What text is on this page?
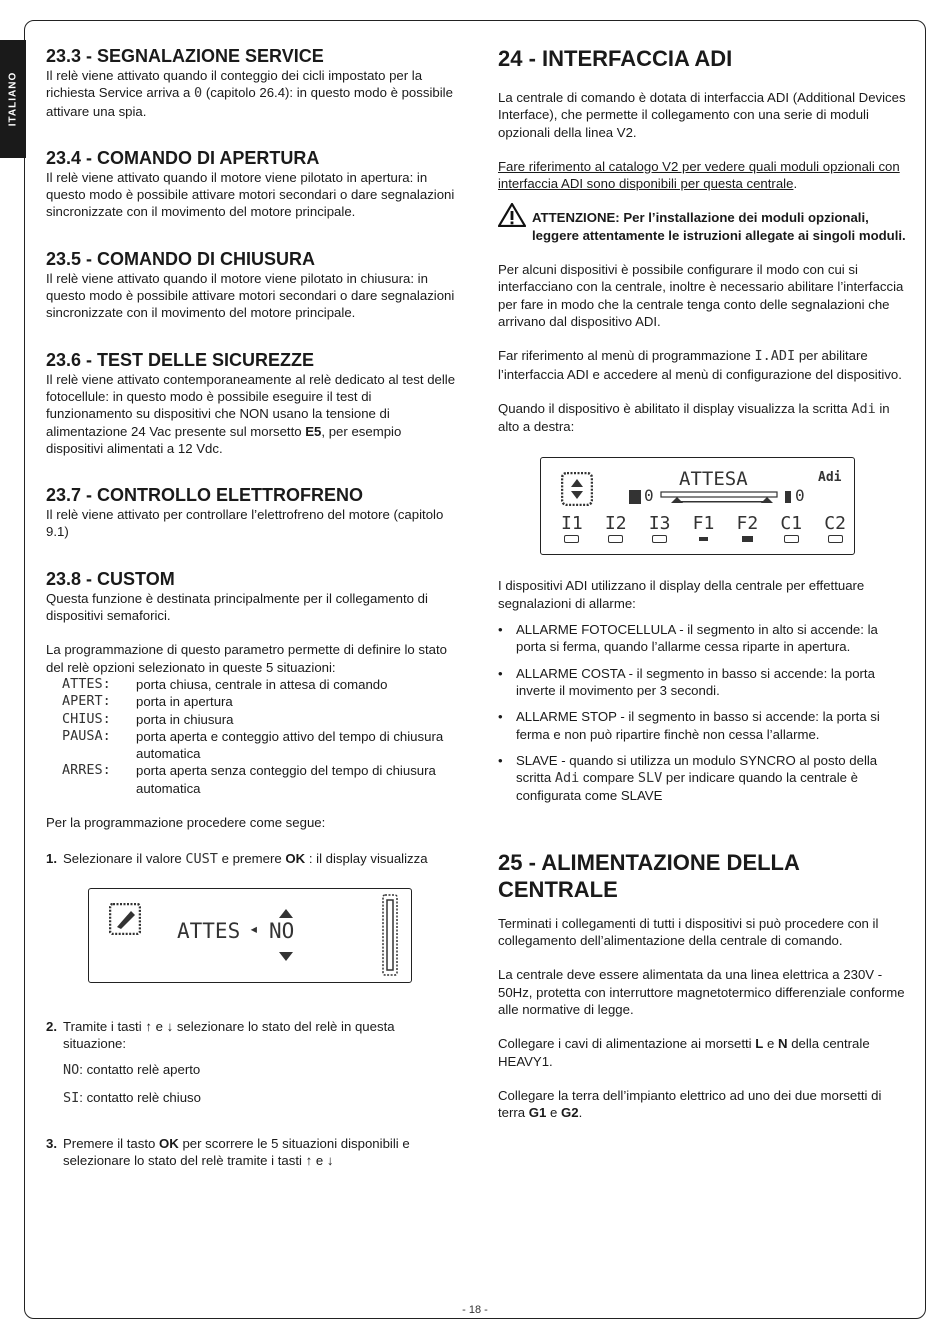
ITALIANO
23.3 - SEGNALAZIONE SERVICE

Il relè viene attivato quando il conteggio dei cicli impostato per la richiesta Service arriva a 0 (capitolo 26.4): in questo modo è possibile attivare una spia.

23.4 - COMANDO DI APERTURA

Il relè viene attivato quando il motore viene pilotato in apertura: in questo modo è possibile attivare motori secondari o dare segnalazioni sincronizzate con il movimento del motore principale.

23.5 - COMANDO DI CHIUSURA

Il relè viene attivato quando il motore viene pilotato in chiusura: in questo modo è possibile attivare motori secondari o dare segnalazioni sincronizzate con il movimento del motore principale.

23.6 - TEST DELLE SICUREZZE

Il relè viene attivato contemporaneamente al relè dedicato al test delle fotocellule: in questo modo è possibile eseguire il test di funzionamento su dispositivi che NON usano la tensione di alimentazione 24 Vac presente sul morsetto E5, per esempio dispositivi alimentati a 12 Vdc.

23.7 - CONTROLLO ELETTROFRENO

Il relè viene attivato per controllare l’elettrofreno del motore (capitolo 9.1)

23.8 - CUSTOM

Questa funzione è destinata principalmente per il collegamento di dispositivi semaforici.

La programmazione di questo parametro permette di definire lo stato del relè opzioni selezionato in queste 5 situazioni:

ATTES:	porta chiusa, centrale in attesa di comando
APERT:	porta in apertura
CHIUS:	porta in chiusura
PAUSA:	porta aperta e conteggio attivo del tempo di chiusura automatica
ARRES:	porta aperta senza conteggio del tempo di chiusura automatica

Per la programmazione procedere come segue:

1. Selezionare il valore CUST e premere OK : il display visualizza
ATTES ◂ NO
2. Tramite i tasti ↑ e ↓ selezionare lo stato del relè in questa situazione:

NO: contatto relè aperto

SI: contatto relè chiuso

3. Premere il tasto OK per scorrere le 5 situazioni disponibili e selezionare lo stato del relè tramite i tasti ↑ e ↓
24 - INTERFACCIA ADI

La centrale di comando è dotata di interfaccia ADI (Additional Devices Interface), che permette il collegamento con una serie di moduli opzionali della linea V2.

Fare riferimento al catalogo V2 per vedere quali moduli opzionali con interfaccia ADI sono disponibili per questa centrale.

ATTENZIONE: Per l’installazione dei moduli opzionali, leggere attentamente le istruzioni allegate ai singoli moduli.

Per alcuni dispositivi è possibile configurare il modo con cui si interfacciano con la centrale, inoltre è necessario abilitare l’interfaccia per fare in modo che la centrale tenga conto delle segnalazioni che arrivano dal dispositivo ADI.

Far riferimento al menù di programmazione I.ADI per abilitare l’interfaccia ADI e accedere al menù di configurazione del dispositivo.

Quando il dispositivo è abilitato il display visualizza la scritta Adi in alto a destra:

ATTESA	Adi
0	0
I1 I2 I3 F1 F2 C1 C2

I dispositivi ADI utilizzano il display della centrale per effettuare segnalazioni di allarme:

• ALLARME FOTOCELLULA - il segmento in alto si accende: la porta si ferma, quando l’allarme cessa riparte in apertura.
• ALLARME COSTA - il segmento in basso si accende: la porta inverte il movimento per 3 secondi.
• ALLARME STOP - il segmento in basso si accende: la porta si ferma e non può ripartire finchè non cessa l’allarme.
• SLAVE - quando si utilizza un modulo SYNCRO al posto della scritta Adi compare SLV per indicare quando la centrale è configurata come SLAVE
25 - ALIMENTAZIONE DELLA CENTRALE

Terminati i collegamenti di tutti i dispositivi si può procedere con il collegamento dell’alimentazione della centrale di comando.

La centrale deve essere alimentata da una linea elettrica a 230V - 50Hz, protetta con interruttore magnetotermico differenziale conforme alle normative di legge.

Collegare i cavi di alimentazione ai morsetti L e N della centrale HEAVY1.

Collegare la terra dell’impianto elettrico ad uno dei due morsetti di terra G1 e G2.

- 18 -
